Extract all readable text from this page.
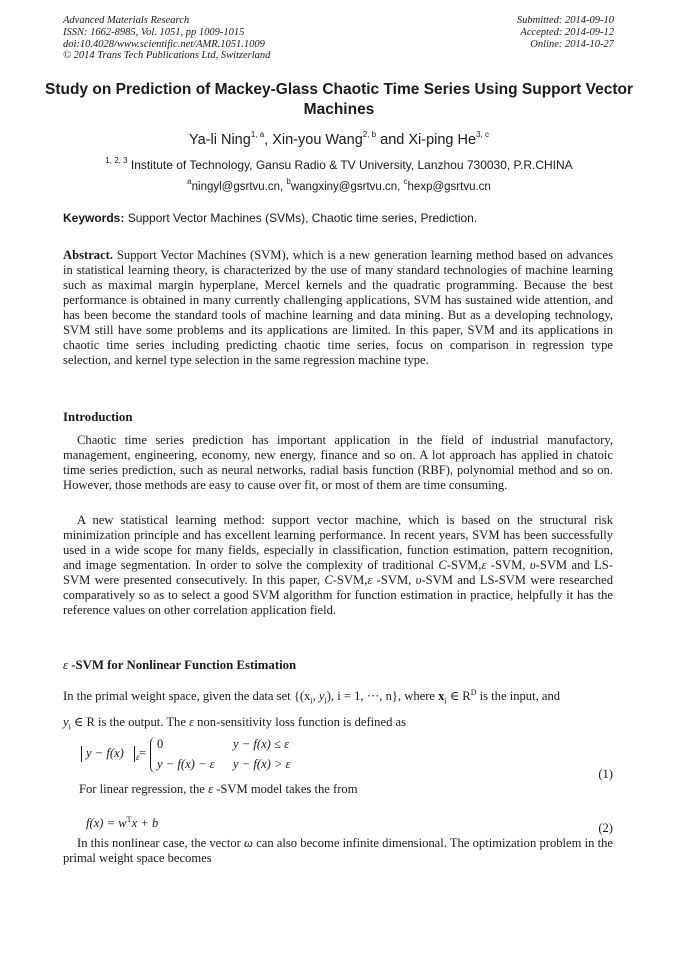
Advanced Materials Research
ISSN: 1662-8985, Vol. 1051, pp 1009-1015
doi:10.4028/www.scientific.net/AMR.1051.1009
© 2014 Trans Tech Publications Ltd, Switzerland
Submitted: 2014-09-10
Accepted: 2014-09-12
Online: 2014-10-27
Study on Prediction of Mackey-Glass Chaotic Time Series Using Support Vector Machines
Ya-li Ning$^{1, a}$, Xin-you Wang$^{2, b}$ and Xi-ping He$^{3, c}$
$^{1, 2, 3}$ Institute of Technology, Gansu Radio & TV University, Lanzhou 730030, P.R.CHINA
$^a$ningyl@gsrtvu.cn, $^b$wangxiny@gsrtvu.cn, $^c$hexp@gsrtvu.cn
Keywords: Support Vector Machines (SVMs), Chaotic time series, Prediction.
Abstract. Support Vector Machines (SVM), which is a new generation learning method based on advances in statistical learning theory, is characterized by the use of many standard technologies of machine learning such as maximal margin hyperplane, Mercel kernels and the quadratic programming. Because the best performance is obtained in many currently challenging applications, SVM has sustained wide attention, and has been become the standard tools of machine learning and data mining. But as a developing technology, SVM still have some problems and its applications are limited. In this paper, SVM and its applications in chaotic time series including predicting chaotic time series, focus on comparison in regression type selection, and kernel type selection in the same regression machine type.
Introduction
Chaotic time series prediction has important application in the field of industrial manufactory, management, engineering, economy, new energy, finance and so on. A lot approach has applied in chatoic time series prediction, such as neural networks, radial basis function (RBF), polynomial method and so on. However, those methods are easy to cause over fit, or most of them are time consuming.
A new statistical learning method: support vector machine, which is based on the structural risk minimization principle and has excellent learning performance. In recent years, SVM has been successfully used in a wide scope for many fields, especially in classification, function estimation, pattern recognition, and image segmentation. In order to solve the complexity of traditional C-SVM,ε -SVM, υ-SVM and LS-SVM were presented consecutively. In this paper, C-SVM,ε -SVM, υ-SVM and LS-SVM were researched comparatively so as to select a good SVM algorithm for function estimation in practice, helpfully it has the reference values on other correlation application field.
ε -SVM for Nonlinear Function Estimation
In the primal weight space, given the data set {($x_i$, $y_i$), i = 1, ···, n}, where $x_i$ ∈ $R^D$ is the input, and
$y_i$ ∈ R is the output. The ε non-sensitivity loss function is defined as
y − f(x) ε =
0
y − f(x) − ε
y − f(x) ≤ ε
y − f(x) > ε
(1)
For linear regression, the ε -SVM model takes the from
$f(x) = w^Tx + b$	(2)
In this nonlinear case, the vector ω can also become infinite dimensional. The optimization problem in the primal weight space becomes
